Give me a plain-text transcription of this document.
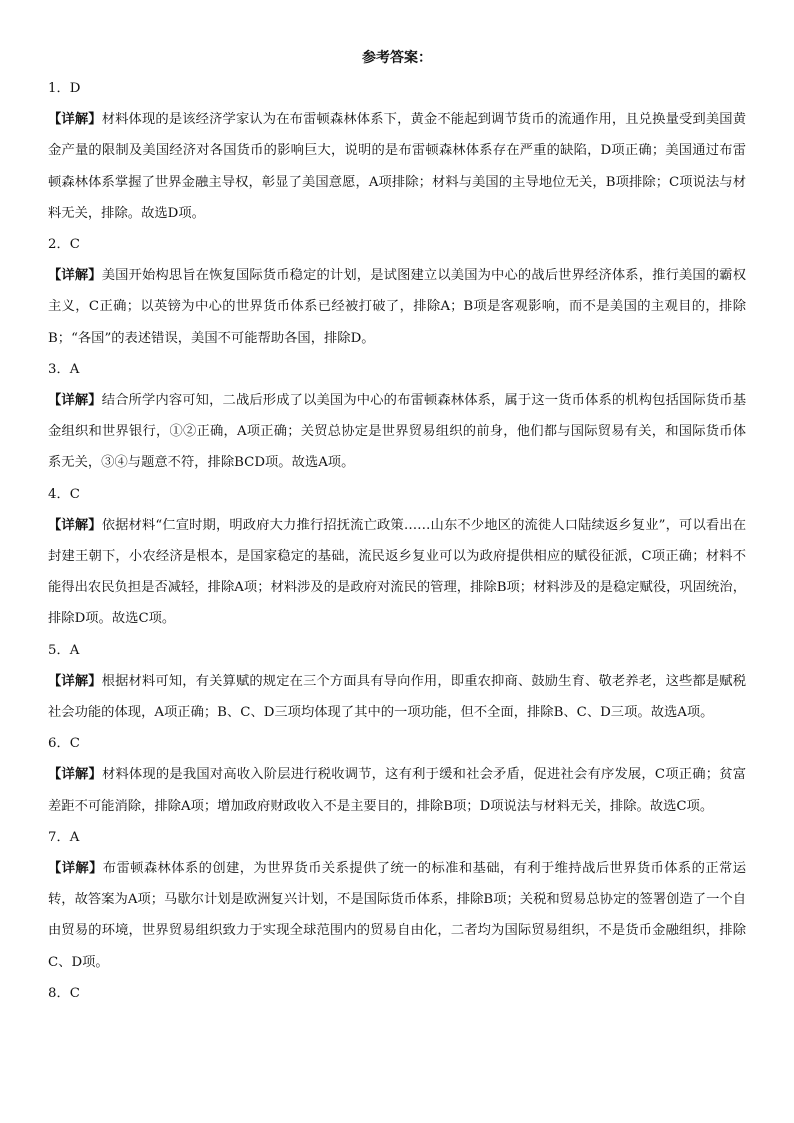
参考答案：
1．D
【详解】材料体现的是该经济学家认为在布雷顿森林体系下，黄金不能起到调节货币的流通作用，且兑换量受到美国黄金产量的限制及美国经济对各国货币的影响巨大，说明的是布雷顿森林体系存在严重的缺陷，D项正确；美国通过布雷顿森林体系掌握了世界金融主导权，彰显了美国意愿，A项排除；材料与美国的主导地位无关，B项排除；C项说法与材料无关，排除。故选D项。
2．C
【详解】美国开始构思旨在恢复国际货币稳定的计划，是试图建立以美国为中心的战后世界经济体系，推行美国的霸权主义，C正确；以英镑为中心的世界货币体系已经被打破了，排除A；B项是客观影响，而不是美国的主观目的，排除B；“各国”的表述错误，美国不可能帮助各国，排除D。
3．A
【详解】结合所学内容可知，二战后形成了以美国为中心的布雷顿森林体系，属于这一货币体系的机构包括国际货币基金组织和世界银行，①②正确，A项正确；关贸总协定是世界贸易组织的前身，他们都与国际贸易有关，和国际货币体系无关，③④与题意不符，排除BCD项。故选A项。
4．C
【详解】依据材料“仁宣时期，明政府大力推行招抚流亡政策……山东不少地区的流徙人口陆续返乡复业”，可以看出在封建王朝下，小农经济是根本，是国家稳定的基础，流民返乡复业可以为政府提供相应的赋役征派，C项正确；材料不能得出农民负担是否减轻，排除A项；材料涉及的是政府对流民的管理，排除B项；材料涉及的是稳定赋役，巩固统治，排除D项。故选C项。
5．A
【详解】根据材料可知，有关算赋的规定在三个方面具有导向作用，即重农抑商、鼓励生育、敬老养老，这些都是赋税社会功能的体现，A项正确；B、C、D三项均体现了其中的一项功能，但不全面，排除B、C、D三项。故选A项。
6．C
【详解】材料体现的是我国对高收入阶层进行税收调节，这有利于缓和社会矛盾，促进社会有序发展，C项正确；贫富差距不可能消除，排除A项；增加政府财政收入不是主要目的，排除B项；D项说法与材料无关，排除。故选C项。
7．A
【详解】布雷顿森林体系的创建，为世界货币关系提供了统一的标准和基础，有利于维持战后世界货币体系的正常运转，故答案为A项；马歇尔计划是欧洲复兴计划，不是国际货币体系，排除B项；关税和贸易总协定的签署创造了一个自由贸易的环境，世界贸易组织致力于实现全球范围内的贸易自由化，二者均为国际贸易组织，不是货币金融组织，排除C、D项。
8．C
